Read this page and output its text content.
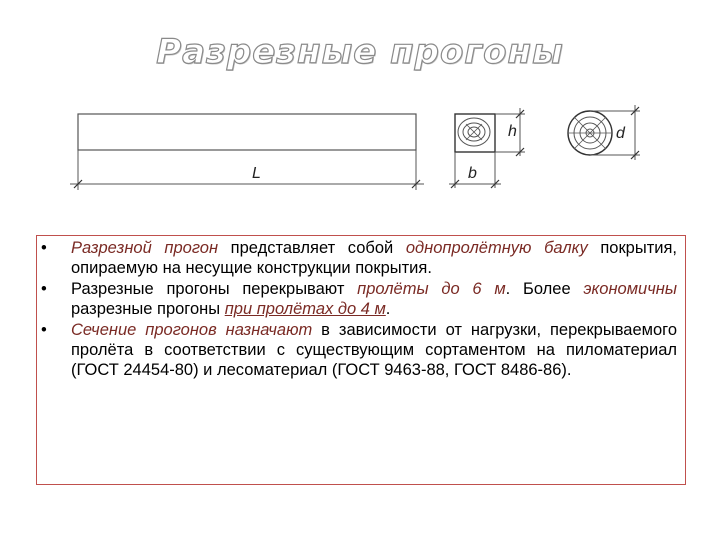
Разрезные прогоны
L
h
b
d
• Разрезной прогон представляет собой однопролётную балку покрытия, опираемую на несущие конструкции покрытия.
• Разрезные прогоны перекрывают пролёты до 6 м. Более экономичны разрезные прогоны при пролётах до 4 м.
• Сечение прогонов назначают в зависимости от нагрузки, перекрываемого пролёта в соответствии с существующим сортаментом на пиломатериал (ГОСТ 24454-80) и лесоматериал (ГОСТ 9463-88, ГОСТ 8486-86).
